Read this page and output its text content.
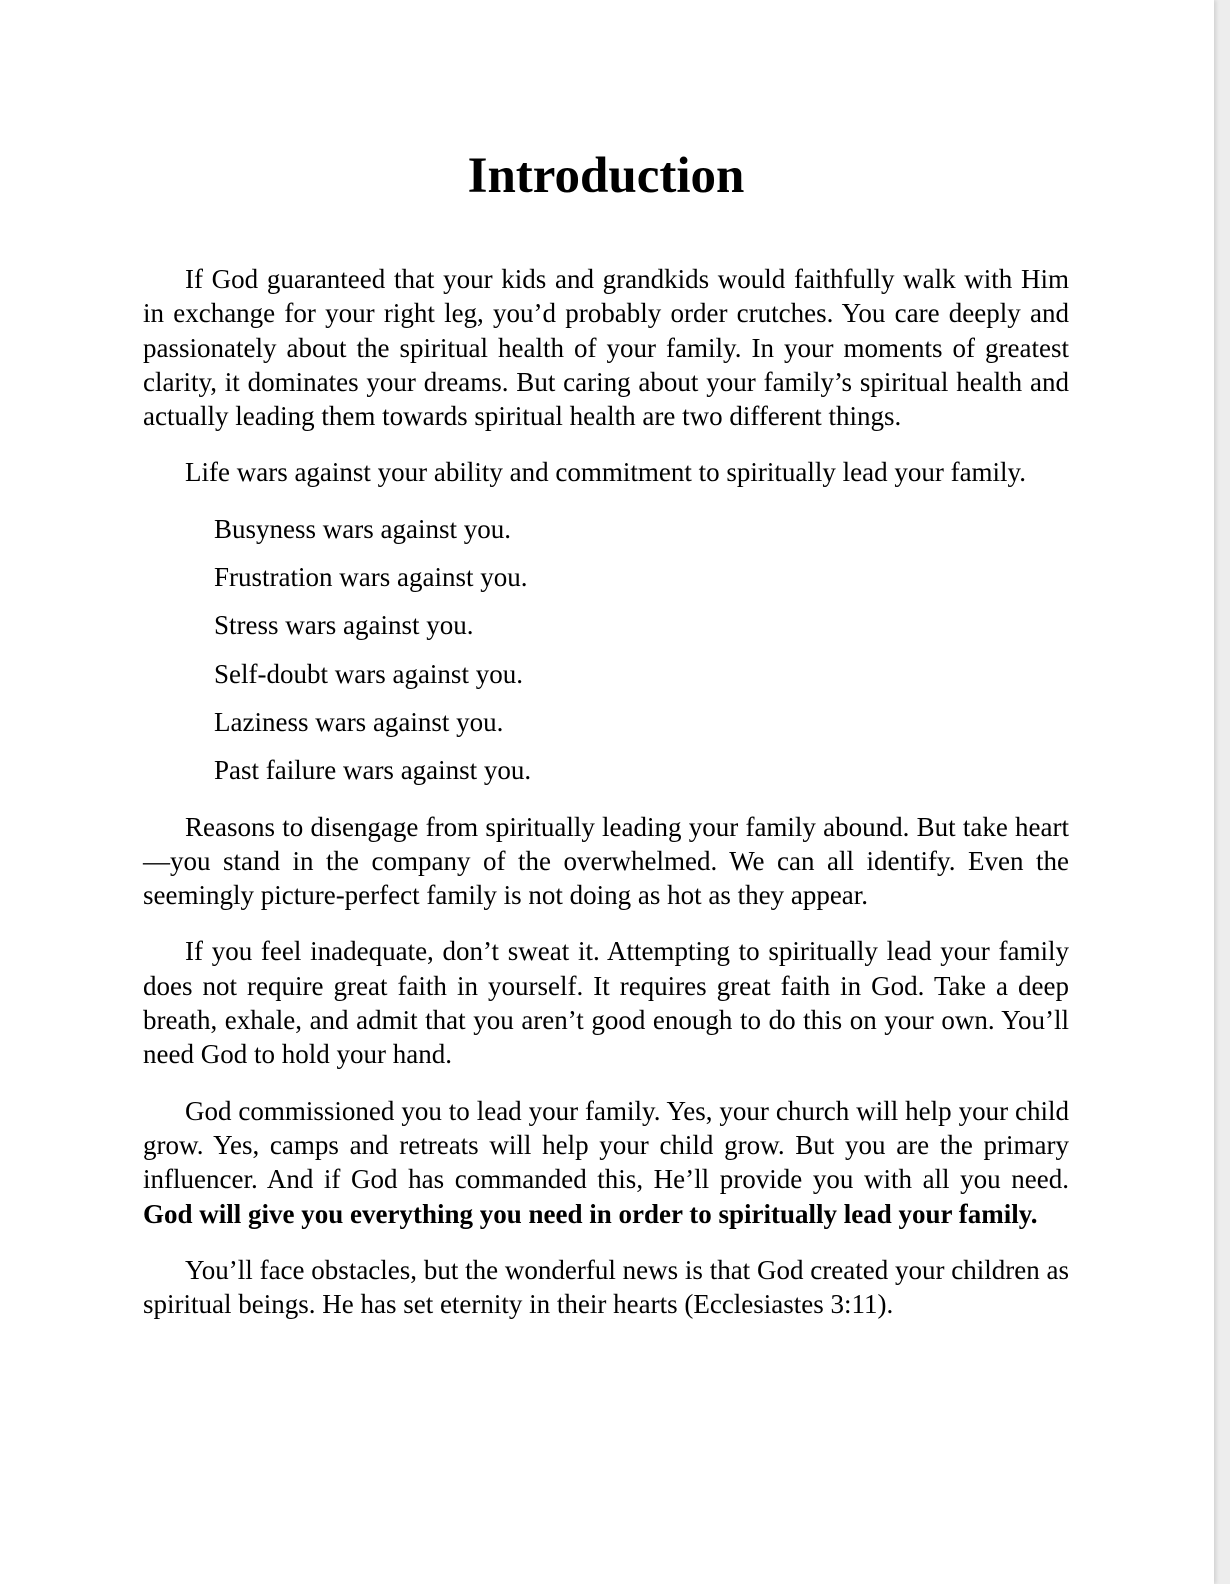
Introduction

If God guaranteed that your kids and grandkids would faithfully walk with Him in exchange for your right leg, you’d probably order crutches. You care deeply and passionately about the spiritual health of your family. In your moments of greatest clarity, it dominates your dreams. But caring about your family’s spiritual health and actually leading them towards spiritual health are two different things.

Life wars against your ability and commitment to spiritually lead your family.

Busyness wars against you.

Frustration wars against you.

Stress wars against you.

Self-doubt wars against you.

Laziness wars against you.

Past failure wars against you.

Reasons to disengage from spiritually leading your family abound. But take heart—you stand in the company of the overwhelmed. We can all identify. Even the seemingly picture-perfect family is not doing as hot as they appear.

If you feel inadequate, don’t sweat it. Attempting to spiritually lead your family does not require great faith in yourself. It requires great faith in God. Take a deep breath, exhale, and admit that you aren’t good enough to do this on your own. You’ll need God to hold your hand.

God commissioned you to lead your family. Yes, your church will help your child grow. Yes, camps and retreats will help your child grow. But you are the primary influencer. And if God has commanded this, He’ll provide you with all you need. God will give you everything you need in order to spiritually lead your family.

You’ll face obstacles, but the wonderful news is that God created your children as spiritual beings. He has set eternity in their hearts (Ecclesiastes 3:11).
